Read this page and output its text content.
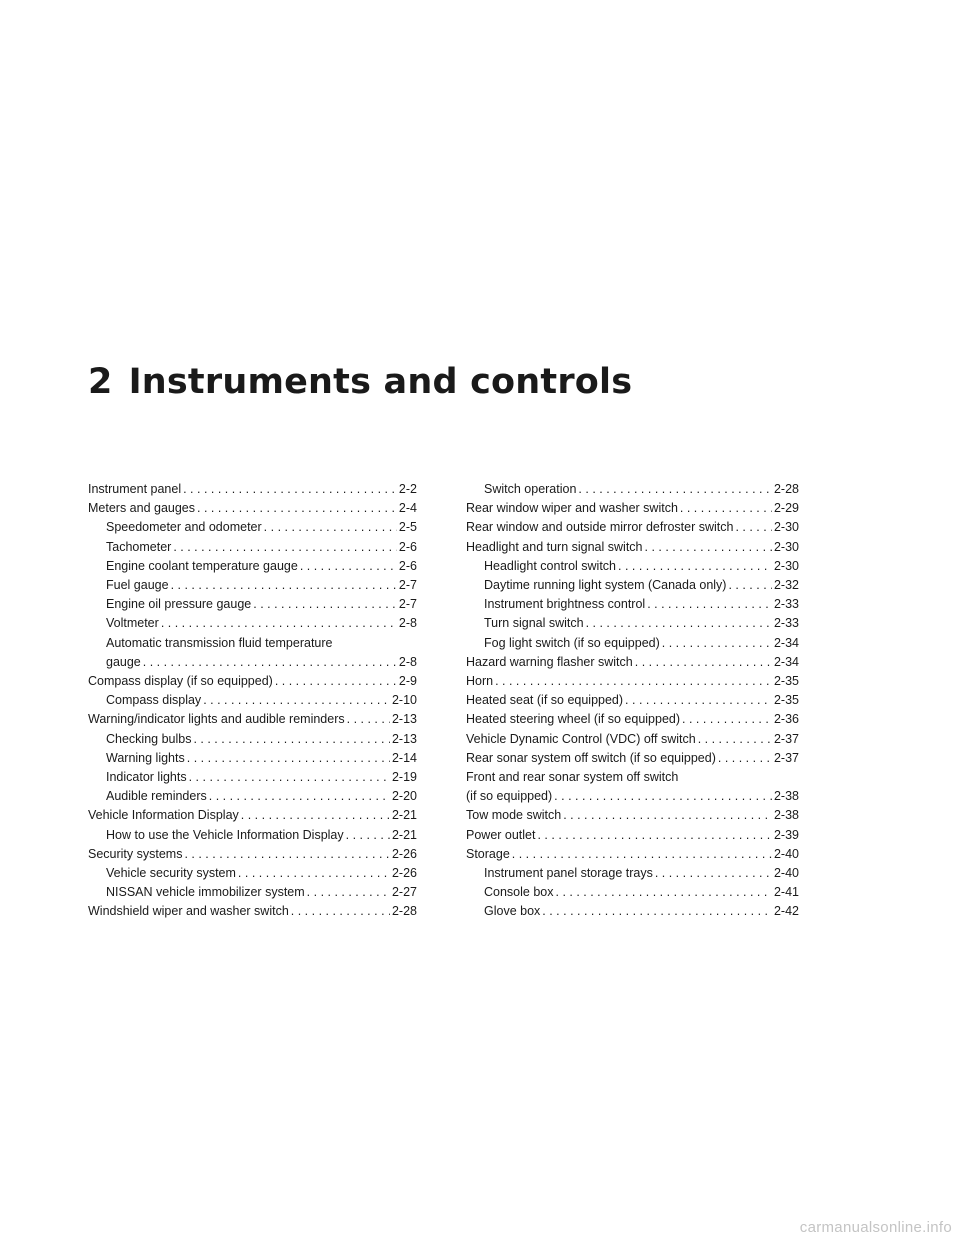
2 Instruments and controls
Instrument panel . . .	2-2
Meters and gauges . . .	2-4
Speedometer and odometer . . .	2-5
Tachometer . . .	2-6
Engine coolant temperature gauge . . .	2-6
Fuel gauge . . .	2-7
Engine oil pressure gauge . . .	2-7
Voltmeter . . .	2-8
Automatic transmission fluid temperature
gauge . . .	2-8
Compass display (if so equipped) . . .	2-9
Compass display . . .	2-10
Warning/indicator lights and audible reminders . . .	2-13
Checking bulbs . . .	2-13
Warning lights . . .	2-14
Indicator lights . . .	2-19
Audible reminders . . .	2-20
Vehicle Information Display . . .	2-21
How to use the Vehicle Information Display . . .	2-21
Security systems . . .	2-26
Vehicle security system . . .	2-26
NISSAN vehicle immobilizer system . . .	2-27
Windshield wiper and washer switch . . .	2-28
Switch operation . . .	2-28
Rear window wiper and washer switch . . .	2-29
Rear window and outside mirror defroster switch . . .	2-30
Headlight and turn signal switch . . .	2-30
Headlight control switch . . .	2-30
Daytime running light system (Canada only) . . .	2-32
Instrument brightness control . . .	2-33
Turn signal switch . . .	2-33
Fog light switch (if so equipped) . . .	2-34
Hazard warning flasher switch . . .	2-34
Horn . . .	2-35
Heated seat (if so equipped) . . .	2-35
Heated steering wheel (if so equipped) . . .	2-36
Vehicle Dynamic Control (VDC) off switch . . .	2-37
Rear sonar system off switch (if so equipped) . . .	2-37
Front and rear sonar system off switch
(if so equipped) . . .	2-38
Tow mode switch . . .	2-38
Power outlet . . .	2-39
Storage . . .	2-40
Instrument panel storage trays . . .	2-40
Console box . . .	2-41
Glove box . . .	2-42
carmanualsonline.info
